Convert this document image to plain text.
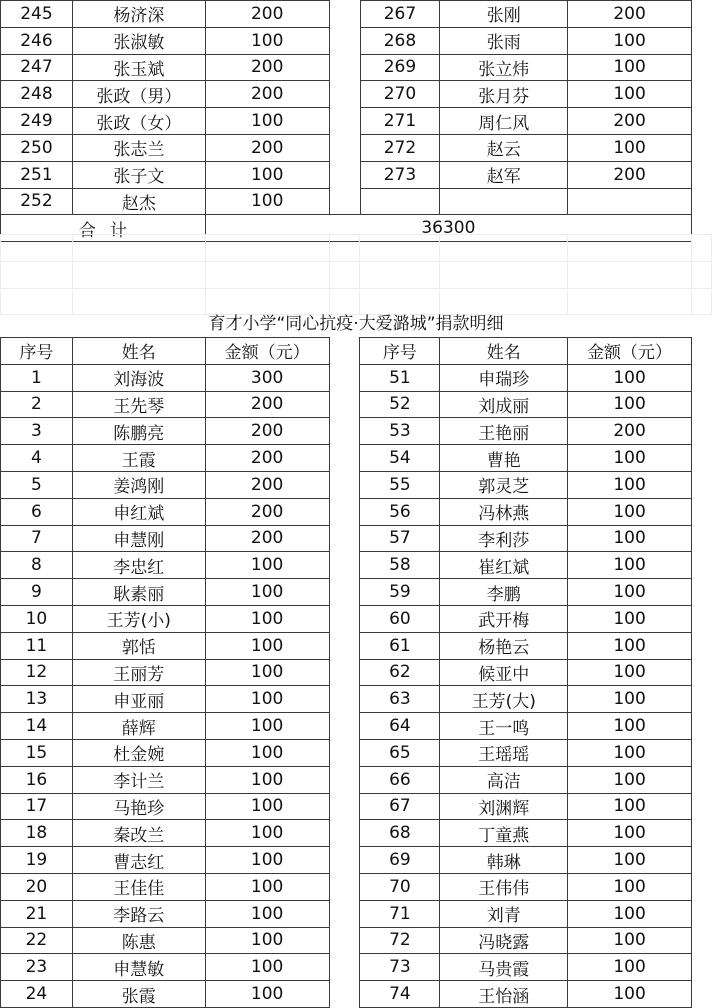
245	杨济深	200		267	张刚	200	
246	张淑敏	100		268	张雨	100	
247	张玉斌	200		269	张立炜	100	
248	张政（男）	200		270	张月芬	100	
249	张政（女）	100		271	周仁风	200	
250	张志兰	200		272	赵云	100	
251	张子文	100		273	赵军	200	
252	赵杰	100					
合计		36300					

育才小学“同心抗疫·大爱潞城”捐款明细
序号	姓名	金额（元）		序号	姓名	金额（元）	
1	刘海波	300		51	申瑞珍	100	
2	王先琴	200		52	刘成丽	100	
3	陈鹏亮	200		53	王艳丽	200	
4	王霞	200		54	曹艳	100	
5	姜鸿刚	200		55	郭灵芝	100	
6	申红斌	200		56	冯林燕	100	
7	申慧刚	200		57	李利莎	100	
8	李忠红	100		58	崔红斌	100	
9	耿素丽	100		59	李鹏	100	
10	王芳(小)	100		60	武开梅	100	
11	郭恬	100		61	杨艳云	100	
12	王丽芳	100		62	候亚中	100	
13	申亚丽	100		63	王芳(大)	100	
14	薛辉	100		64	王一鸣	100	
15	杜金婉	100		65	王瑶瑶	100	
16	李计兰	100		66	高洁	100	
17	马艳珍	100		67	刘渊辉	100	
18	秦改兰	100		68	丁童燕	100	
19	曹志红	100		69	韩琳	100	
20	王佳佳	100		70	王伟伟	100	
21	李路云	100		71	刘青	100	
22	陈惠	100		72	冯晓露	100	
23	申慧敏	100		73	马贵霞	100	
24	张霞	100		74	王怡涵	100	
